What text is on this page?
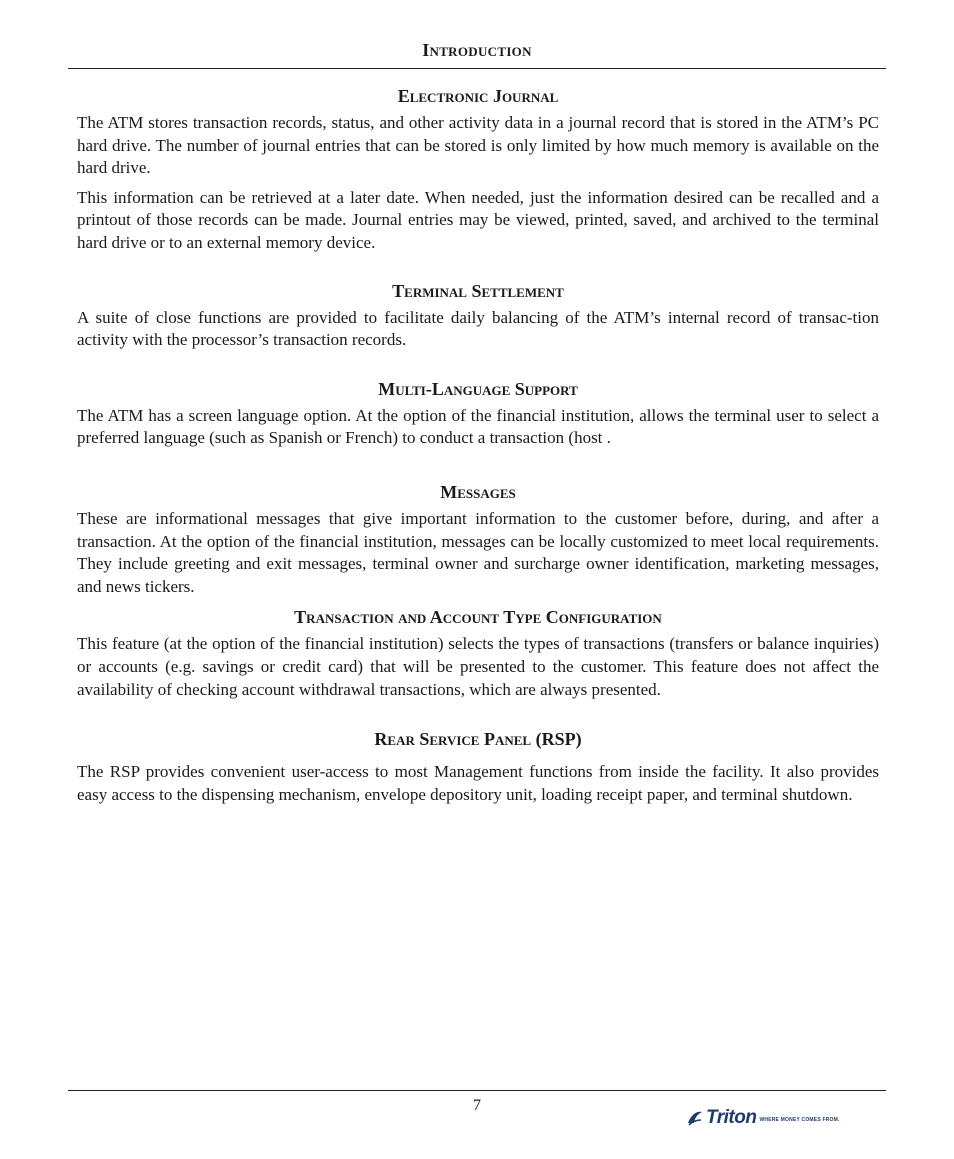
Introduction
Electronic Journal

The ATM stores transaction records, status, and other activity data in a journal record that is stored in the ATM’s PC hard drive. The number of journal entries that can be stored is only limited by how much memory is available on the hard drive.

This information can be retrieved at a later date. When needed, just the information desired can be recalled and a printout of those records can be made. Journal entries may be viewed, printed, saved, and archived to the terminal hard drive or to an external memory device.

Terminal Settlement

A suite of close functions are provided to facilitate daily balancing of the ATM’s internal record of transac-tion activity with the processor’s transaction records.

Multi-Language Support

The ATM has a screen language option. At the option of the financial institution, allows the terminal user to select a preferred language (such as Spanish or French) to conduct a transaction (host .

Messages

These are informational messages that give important information to the customer before, during, and after a transaction. At the option of the financial institution, messages can be locally customized to meet local requirements. They include greeting and exit messages, terminal owner and surcharge owner identification, marketing messages, and news tickers.

Transaction and Account Type Configuration

This feature (at the option of the financial institution) selects the types of transactions (transfers or balance inquiries) or accounts (e.g. savings or credit card) that will be presented to the customer. This feature does not affect the availability of checking account withdrawal transactions, which are always presented.

Rear Service Panel (RSP)

The RSP provides convenient user-access to most Management functions from inside the facility. It also provides easy access to the dispensing mechanism, envelope depository unit, loading receipt paper, and terminal shutdown.

7
Triton WHERE MONEY COMES FROM.
